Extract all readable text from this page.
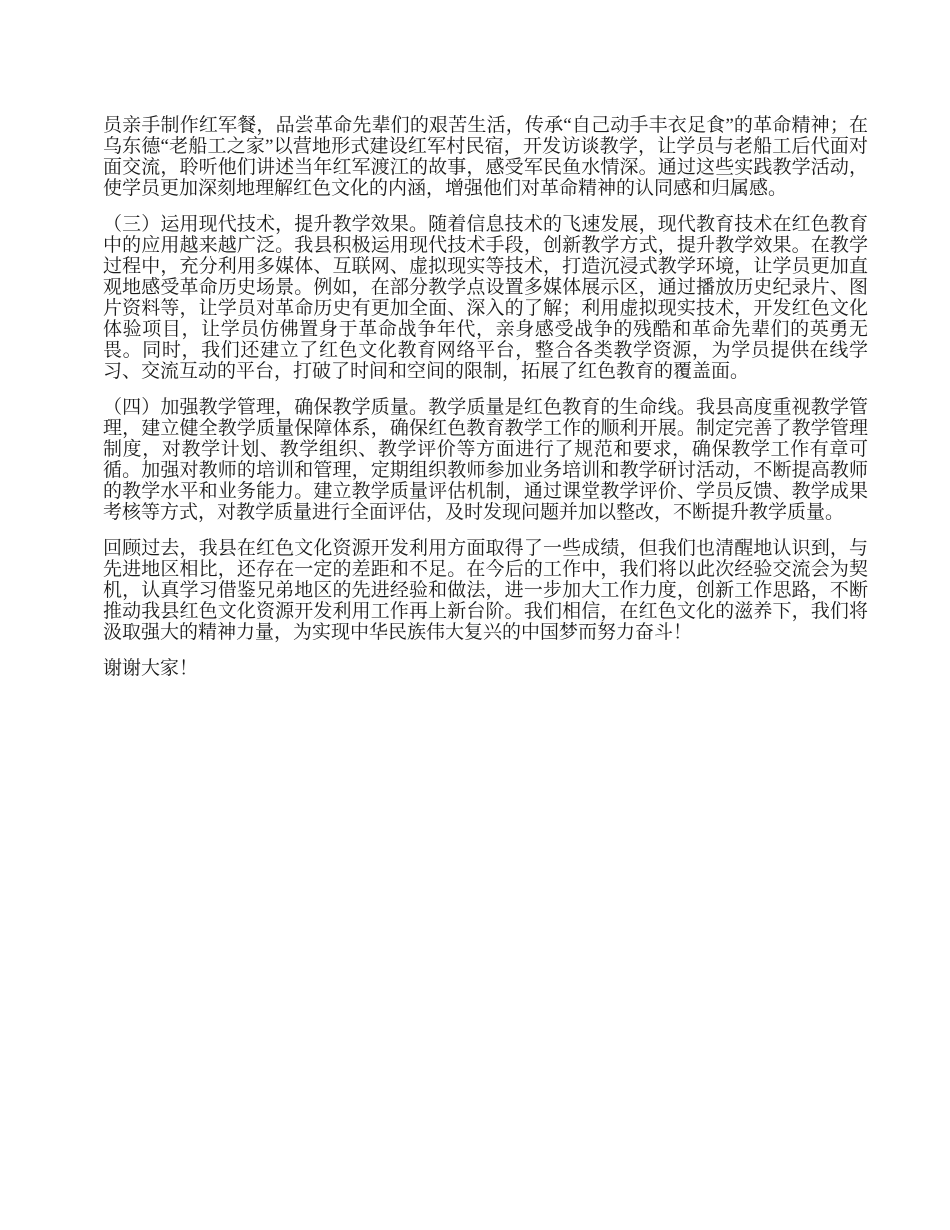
员亲手制作红军餐，品尝革命先辈们的艰苦生活，传承“自己动手丰衣足食”的革命精神；在乌东德“老船工之家”以营地形式建设红军村民宿，开发访谈教学，让学员与老船工后代面对面交流，聆听他们讲述当年红军渡江的故事，感受军民鱼水情深。通过这些实践教学活动，使学员更加深刻地理解红色文化的内涵，增强他们对革命精神的认同感和归属感。

（三）运用现代技术，提升教学效果。随着信息技术的飞速发展，现代教育技术在红色教育中的应用越来越广泛。我县积极运用现代技术手段，创新教学方式，提升教学效果。在教学过程中，充分利用多媒体、互联网、虚拟现实等技术，打造沉浸式教学环境，让学员更加直观地感受革命历史场景。例如，在部分教学点设置多媒体展示区，通过播放历史纪录片、图片资料等，让学员对革命历史有更加全面、深入的了解；利用虚拟现实技术，开发红色文化体验项目，让学员仿佛置身于革命战争年代，亲身感受战争的残酷和革命先辈们的英勇无畏。同时，我们还建立了红色文化教育网络平台，整合各类教学资源，为学员提供在线学习、交流互动的平台，打破了时间和空间的限制，拓展了红色教育的覆盖面。

（四）加强教学管理，确保教学质量。教学质量是红色教育的生命线。我县高度重视教学管理，建立健全教学质量保障体系，确保红色教育教学工作的顺利开展。制定完善了教学管理制度，对教学计划、教学组织、教学评价等方面进行了规范和要求，确保教学工作有章可循。加强对教师的培训和管理，定期组织教师参加业务培训和教学研讨活动，不断提高教师的教学水平和业务能力。建立教学质量评估机制，通过课堂教学评价、学员反馈、教学成果考核等方式，对教学质量进行全面评估，及时发现问题并加以整改，不断提升教学质量。

回顾过去，我县在红色文化资源开发利用方面取得了一些成绩，但我们也清醒地认识到，与先进地区相比，还存在一定的差距和不足。在今后的工作中，我们将以此次经验交流会为契机，认真学习借鉴兄弟地区的先进经验和做法，进一步加大工作力度，创新工作思路，不断推动我县红色文化资源开发利用工作再上新台阶。我们相信，在红色文化的滋养下，我们将汲取强大的精神力量，为实现中华民族伟大复兴的中国梦而努力奋斗！

谢谢大家！
